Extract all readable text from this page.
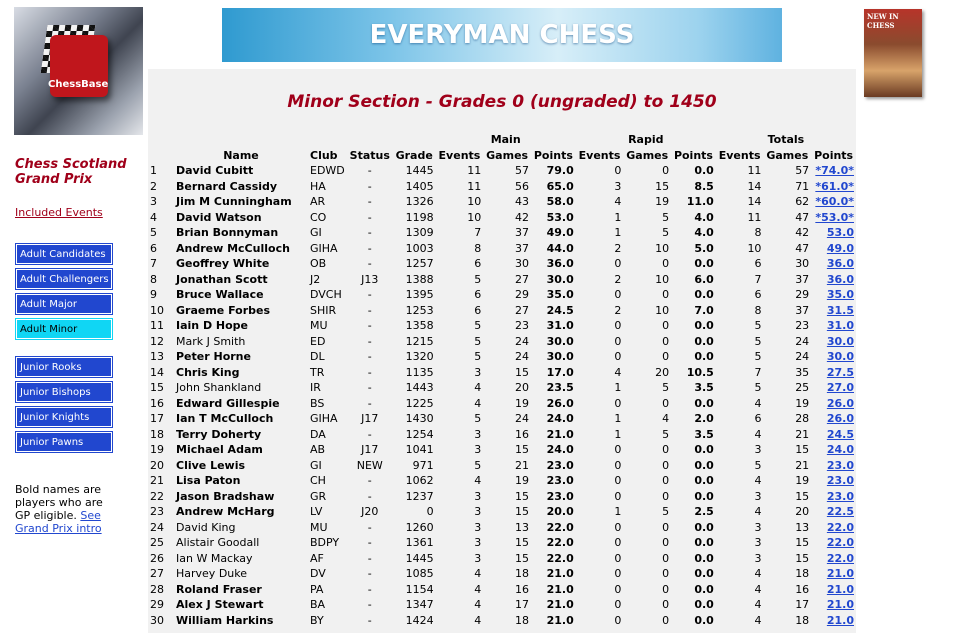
ChessBase
EVERYMAN CHESS
NEW IN CHESS
Chess Scotland Grand Prix
Included Events
Adult Candidates
Adult Challengers
Adult Major
Adult Minor
Junior Rooks
Junior Bishops
Junior Knights
Junior Pawns
Bold names are players who are GP eligible. See Grand Prix intro
Minor Section - Grades 0 (ungraded) to 1450
					Main			Rapid			Totals		
	Name	Club	Status	Grade	Events	Games	Points	Events	Games	Points	Events	Games	Points
1	David Cubitt	EDWD	-	1445	11	57	79.0	0	0	0.0	11	57	*74.0*
2	Bernard Cassidy	HA	-	1405	11	56	65.0	3	15	8.5	14	71	*61.0*
3	Jim M Cunningham	AR	-	1326	10	43	58.0	4	19	11.0	14	62	*60.0*
4	David Watson	CO	-	1198	10	42	53.0	1	5	4.0	11	47	*53.0*
5	Brian Bonnyman	GI	-	1309	7	37	49.0	1	5	4.0	8	42	53.0
6	Andrew McCulloch	GIHA	-	1003	8	37	44.0	2	10	5.0	10	47	49.0
7	Geoffrey White	OB	-	1257	6	30	36.0	0	0	0.0	6	30	36.0
8	Jonathan Scott	J2	J13	1388	5	27	30.0	2	10	6.0	7	37	36.0
9	Bruce Wallace	DVCH	-	1395	6	29	35.0	0	0	0.0	6	29	35.0
10	Graeme Forbes	SHIR	-	1253	6	27	24.5	2	10	7.0	8	37	31.5
11	Iain D Hope	MU	-	1358	5	23	31.0	0	0	0.0	5	23	31.0
12	Mark J Smith	ED	-	1215	5	24	30.0	0	0	0.0	5	24	30.0
13	Peter Horne	DL	-	1320	5	24	30.0	0	0	0.0	5	24	30.0
14	Chris King	TR	-	1135	3	15	17.0	4	20	10.5	7	35	27.5
15	John Shankland	IR	-	1443	4	20	23.5	1	5	3.5	5	25	27.0
16	Edward Gillespie	BS	-	1225	4	19	26.0	0	0	0.0	4	19	26.0
17	Ian T McCulloch	GIHA	J17	1430	5	24	24.0	1	4	2.0	6	28	26.0
18	Terry Doherty	DA	-	1254	3	16	21.0	1	5	3.5	4	21	24.5
19	Michael Adam	AB	J17	1041	3	15	24.0	0	0	0.0	3	15	24.0
20	Clive Lewis	GI	NEW	971	5	21	23.0	0	0	0.0	5	21	23.0
21	Lisa Paton	CH	-	1062	4	19	23.0	0	0	0.0	4	19	23.0
22	Jason Bradshaw	GR	-	1237	3	15	23.0	0	0	0.0	3	15	23.0
23	Andrew McHarg	LV	J20	0	3	15	20.0	1	5	2.5	4	20	22.5
24	David King	MU	-	1260	3	13	22.0	0	0	0.0	3	13	22.0
25	Alistair Goodall	BDPY	-	1361	3	15	22.0	0	0	0.0	3	15	22.0
26	Ian W Mackay	AF	-	1445	3	15	22.0	0	0	0.0	3	15	22.0
27	Harvey Duke	DV	-	1085	4	18	21.0	0	0	0.0	4	18	21.0
28	Roland Fraser	PA	-	1154	4	16	21.0	0	0	0.0	4	16	21.0
29	Alex J Stewart	BA	-	1347	4	17	21.0	0	0	0.0	4	17	21.0
30	William Harkins	BY	-	1424	4	18	21.0	0	0	0.0	4	18	21.0
